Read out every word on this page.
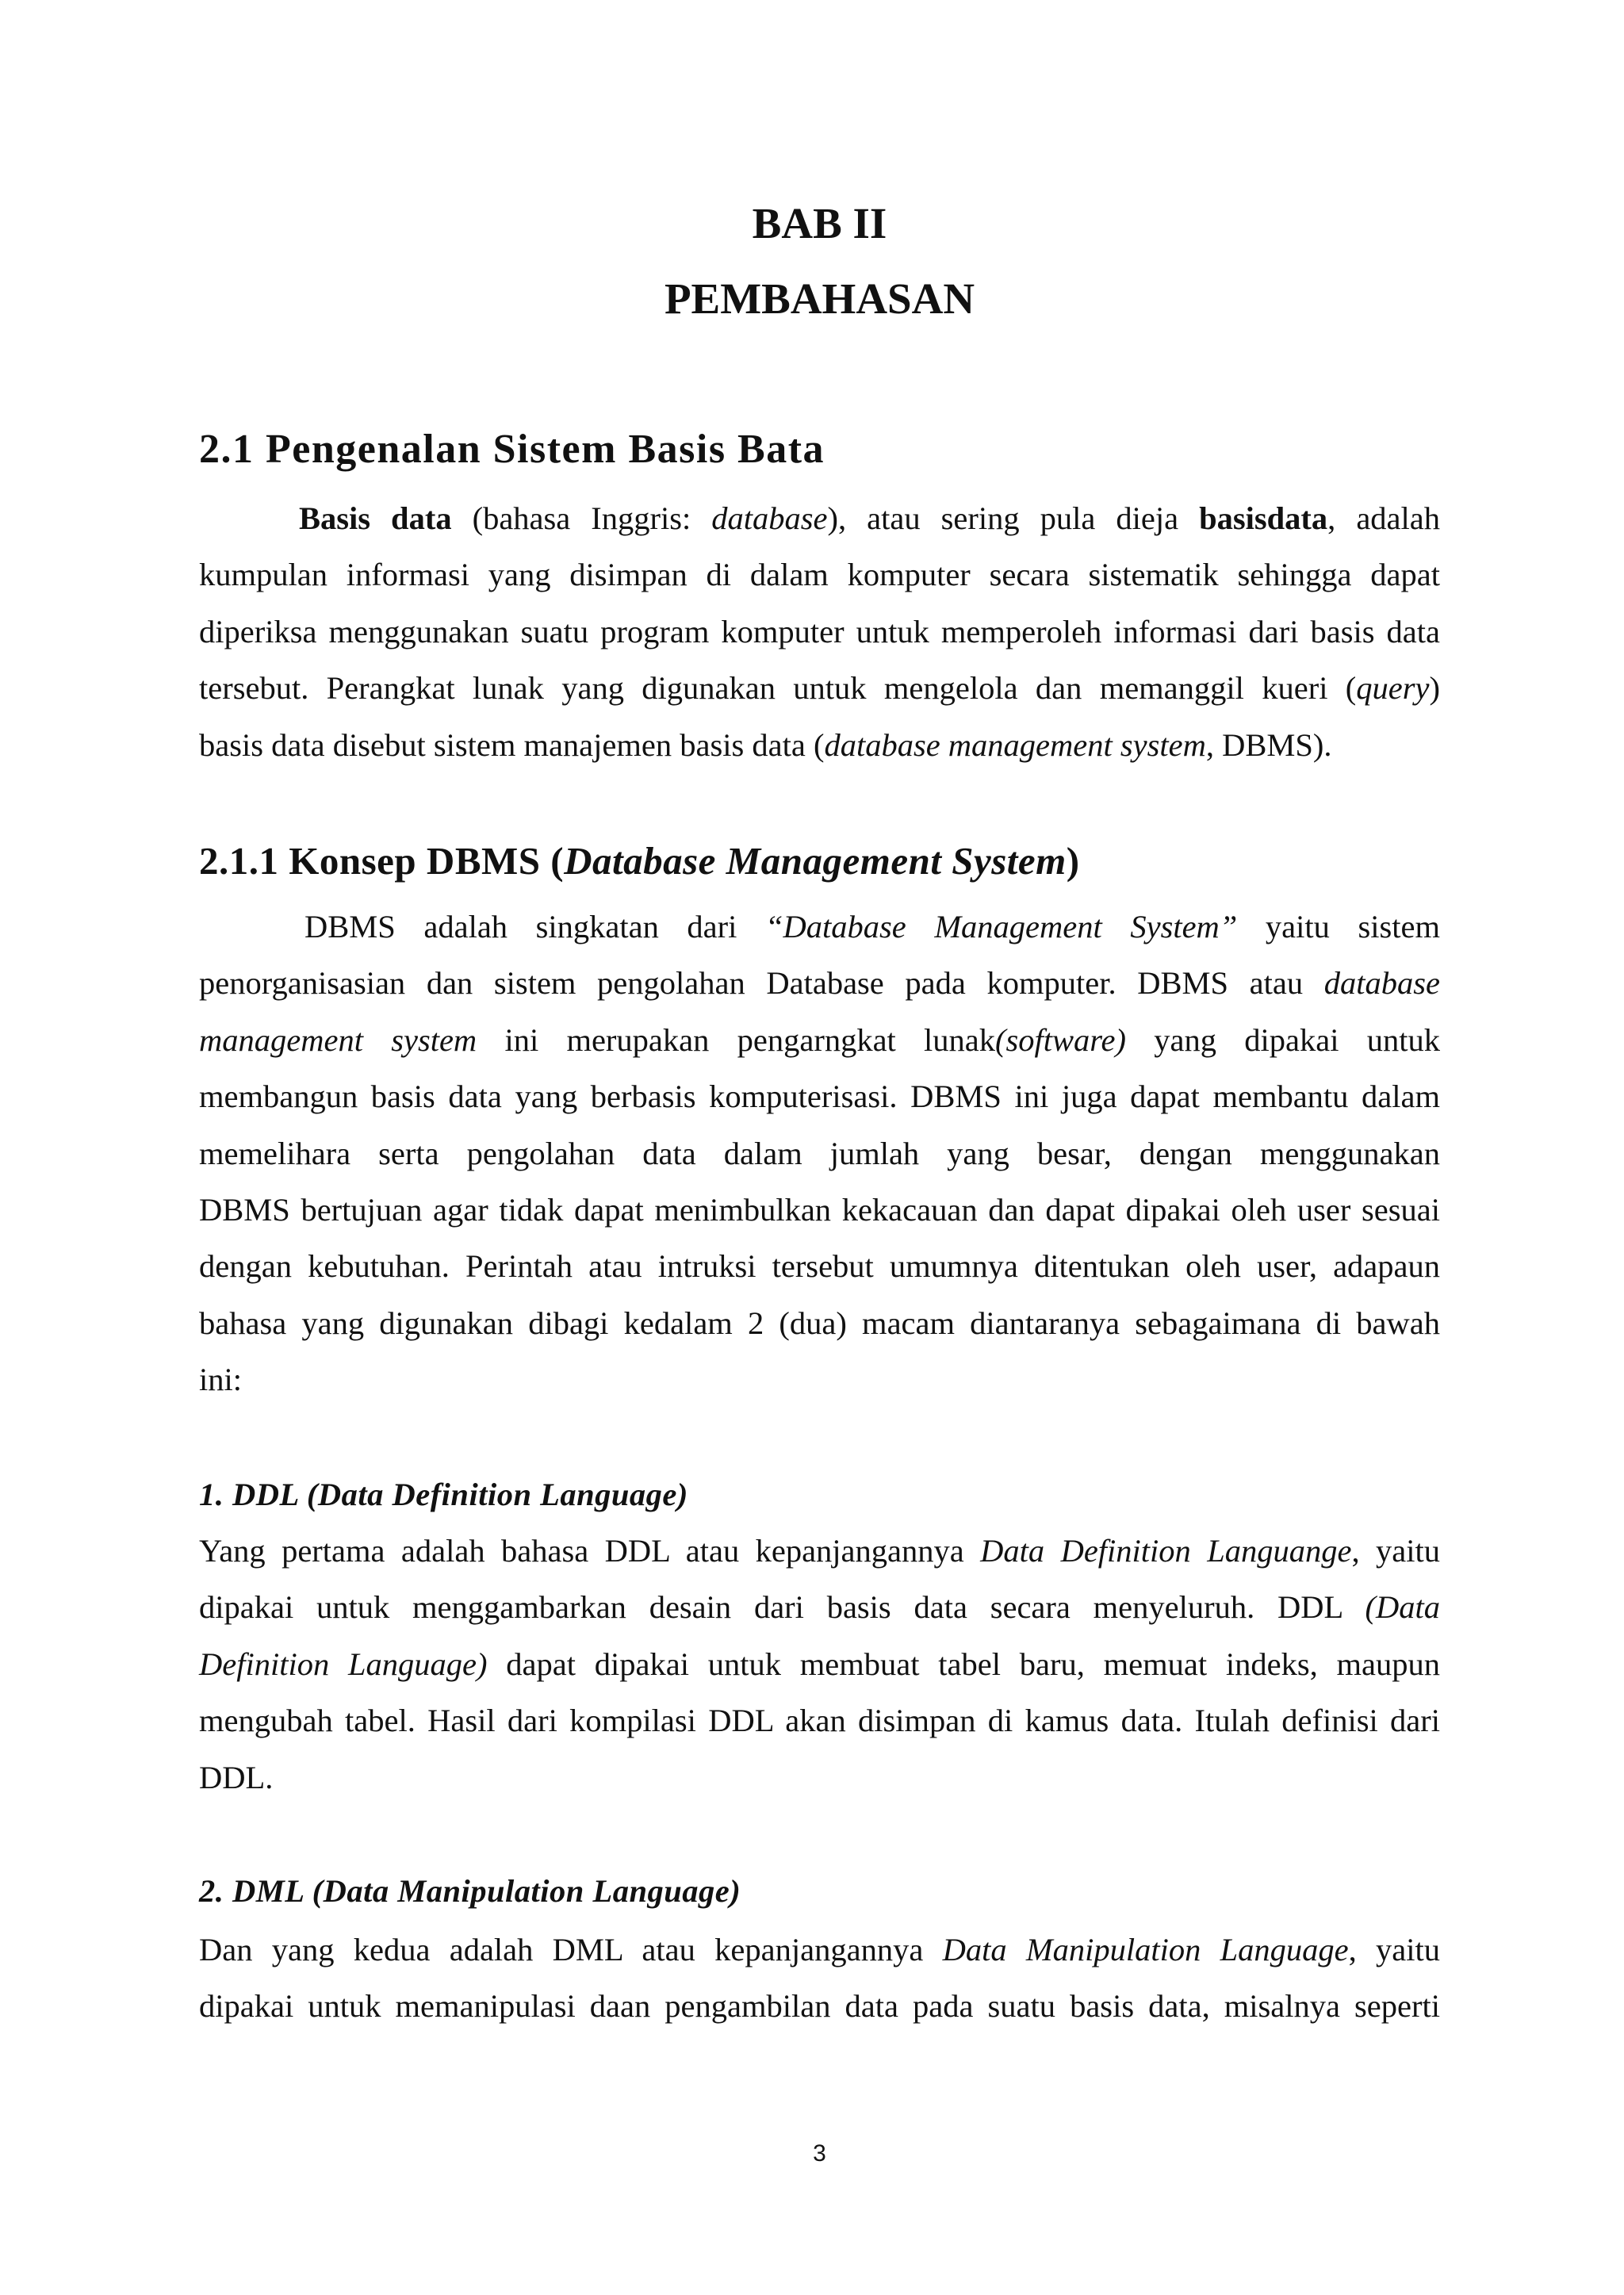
BAB II
PEMBAHASAN
2.1 Pengenalan Sistem Basis Bata
Basis data (bahasa Inggris: database), atau sering pula dieja basisdata, adalah
kumpulan informasi yang disimpan di dalam komputer secara sistematik sehingga dapat
diperiksa menggunakan suatu program komputer untuk memperoleh informasi dari basis data
tersebut. Perangkat lunak yang digunakan untuk mengelola dan memanggil kueri (query)
basis data disebut sistem manajemen basis data (database management system, DBMS).
2.1.1 Konsep DBMS (Database Management System)
DBMS adalah singkatan dari “Database Management System” yaitu sistem
penorganisasian dan sistem pengolahan Database pada komputer. DBMS atau database
management system ini merupakan pengarngkat lunak(software) yang dipakai untuk
membangun basis data yang berbasis komputerisasi. DBMS ini juga dapat membantu dalam
memelihara serta pengolahan data dalam jumlah yang besar, dengan menggunakan
DBMS bertujuan agar tidak dapat menimbulkan kekacauan dan dapat dipakai oleh user sesuai
dengan kebutuhan. Perintah atau intruksi tersebut umumnya ditentukan oleh user, adapaun
bahasa yang digunakan dibagi kedalam 2 (dua) macam diantaranya sebagaimana di bawah
ini:
1. DDL (Data Definition Language)
Yang pertama adalah bahasa DDL atau kepanjangannya Data Definition Languange, yaitu
dipakai untuk menggambarkan desain dari basis data secara menyeluruh. DDL (Data
Definition Language) dapat dipakai untuk membuat tabel baru, memuat indeks, maupun
mengubah tabel. Hasil dari kompilasi DDL akan disimpan di kamus data. Itulah definisi dari
DDL.
2. DML (Data Manipulation Language)
Dan yang kedua adalah DML atau kepanjangannya Data Manipulation Language, yaitu
dipakai untuk memanipulasi daan pengambilan data pada suatu basis data, misalnya seperti
3
